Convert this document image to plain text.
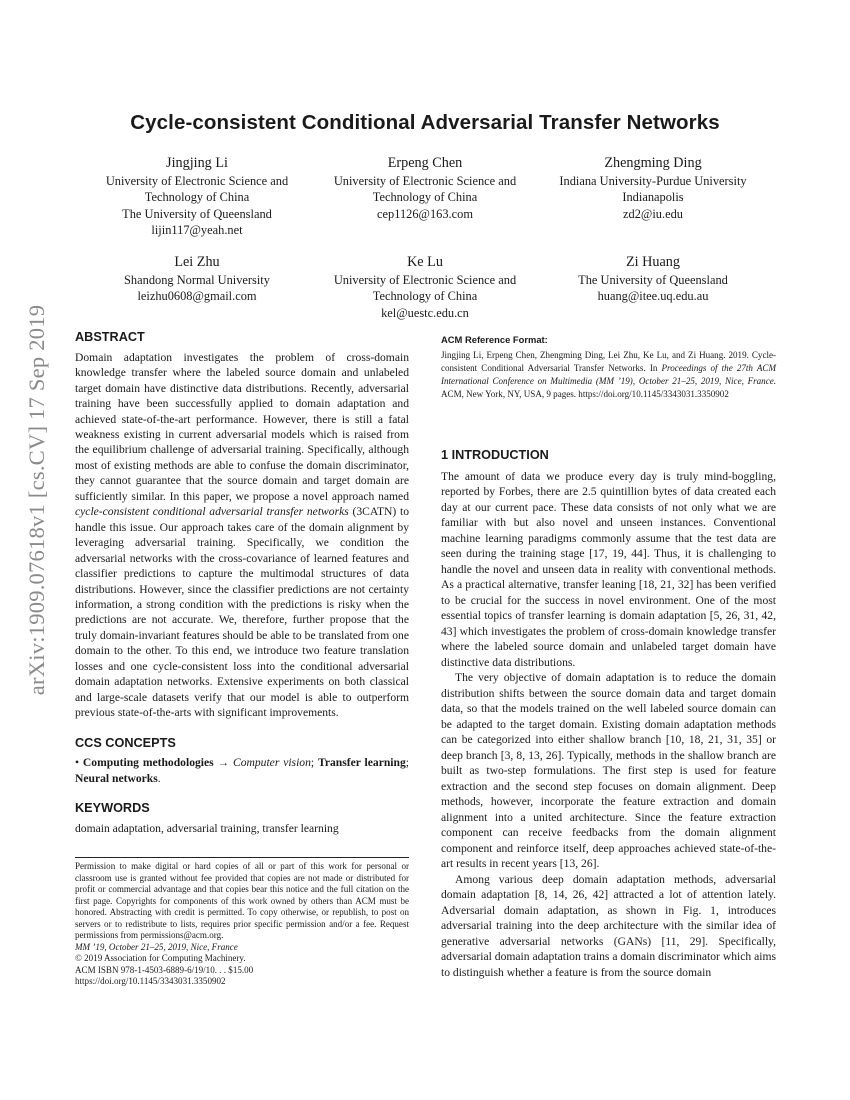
Cycle-consistent Conditional Adversarial Transfer Networks
Jingjing Li
University of Electronic Science and
Technology of China
The University of Queensland
lijin117@yeah.net
Erpeng Chen
University of Electronic Science and
Technology of China
cep1126@163.com
Zhengming Ding
Indiana University-Purdue University
Indianapolis
zd2@iu.edu
Lei Zhu
Shandong Normal University
leizhu0608@gmail.com
Ke Lu
University of Electronic Science and
Technology of China
kel@uestc.edu.cn
Zi Huang
The University of Queensland
huang@itee.uq.edu.au
arXiv:1909.07618v1 [cs.CV] 17 Sep 2019 ABSTRACT

Domain adaptation investigates the problem of cross-domain knowledge transfer where the labeled source domain and unlabeled target domain have distinctive data distributions. Recently, adversarial training have been successfully applied to domain adaptation and achieved state-of-the-art performance. However, there is still a fatal weakness existing in current adversarial models which is raised from the equilibrium challenge of adversarial training. Specifically, although most of existing methods are able to confuse the domain discriminator, they cannot guarantee that the source domain and target domain are sufficiently similar. In this paper, we propose a novel approach named cycle-consistent conditional adversarial transfer networks (3CATN) to handle this issue. Our approach takes care of the domain alignment by leveraging adversarial training. Specifically, we condition the adversarial networks with the cross-covariance of learned features and classifier predictions to capture the multimodal structures of data distributions. However, since the classifier predictions are not certainty information, a strong condition with the predictions is risky when the predictions are not accurate. We, therefore, further propose that the truly domain-invariant features should be able to be translated from one domain to the other. To this end, we introduce two feature translation losses and one cycle-consistent loss into the conditional adversarial domain adaptation networks. Extensive experiments on both classical and large-scale datasets verify that our model is able to outperform previous state-of-the-arts with significant improvements.

CCS CONCEPTS

• Computing methodologies → Computer vision; Transfer learning; Neural networks.

KEYWORDS

domain adaptation, adversarial training, transfer learning

Permission to make digital or hard copies of all or part of this work for personal or classroom use is granted without fee provided that copies are not made or distributed for profit or commercial advantage and that copies bear this notice and the full citation on the first page. Copyrights for components of this work owned by others than ACM must be honored. Abstracting with credit is permitted. To copy otherwise, or republish, to post on servers or to redistribute to lists, requires prior specific permission and/or a fee. Request permissions from permissions@acm.org.

MM ’19, October 21–25, 2019, Nice, France
© 2019 Association for Computing Machinery.
ACM ISBN 978-1-4503-6889-6/19/10. . . $15.00
https://doi.org/10.1145/3343031.3350902
ACM Reference Format:

Jingjing Li, Erpeng Chen, Zhengming Ding, Lei Zhu, Ke Lu, and Zi Huang. 2019. Cycle-consistent Conditional Adversarial Transfer Networks. In Proceedings of the 27th ACM International Conference on Multimedia (MM ’19), October 21–25, 2019, Nice, France. ACM, New York, NY, USA, 9 pages. https://doi.org/10.1145/3343031.3350902

1 INTRODUCTION

The amount of data we produce every day is truly mind-boggling, reported by Forbes, there are 2.5 quintillion bytes of data created each day at our current pace. These data consists of not only what we are familiar with but also novel and unseen instances. Conventional machine learning paradigms commonly assume that the test data are seen during the training stage [17, 19, 44]. Thus, it is challenging to handle the novel and unseen data in reality with conventional methods. As a practical alternative, transfer leaning [18, 21, 32] has been verified to be crucial for the success in novel environment. One of the most essential topics of transfer learning is domain adaptation [5, 26, 31, 42, 43] which investigates the problem of cross-domain knowledge transfer where the labeled source domain and unlabeled target domain have distinctive data distributions.

The very objective of domain adaptation is to reduce the domain distribution shifts between the source domain data and target domain data, so that the models trained on the well labeled source domain can be adapted to the target domain. Existing domain adaptation methods can be categorized into either shallow branch [10, 18, 21, 31, 35] or deep branch [3, 8, 13, 26]. Typically, methods in the shallow branch are built as two-step formulations. The first step is used for feature extraction and the second step focuses on domain alignment. Deep methods, however, incorporate the feature extraction and domain alignment into a united architecture. Since the feature extraction component can receive feedbacks from the domain alignment component and reinforce itself, deep approaches achieved state-of-the-art results in recent years [13, 26].

Among various deep domain adaptation methods, adversarial domain adaptation [8, 14, 26, 42] attracted a lot of attention lately. Adversarial domain adaptation, as shown in Fig. 1, introduces adversarial training into the deep architecture with the similar idea of generative adversarial networks (GANs) [11, 29]. Specifically, adversarial domain adaptation trains a domain discriminator which aims to distinguish whether a feature is from the source domain
